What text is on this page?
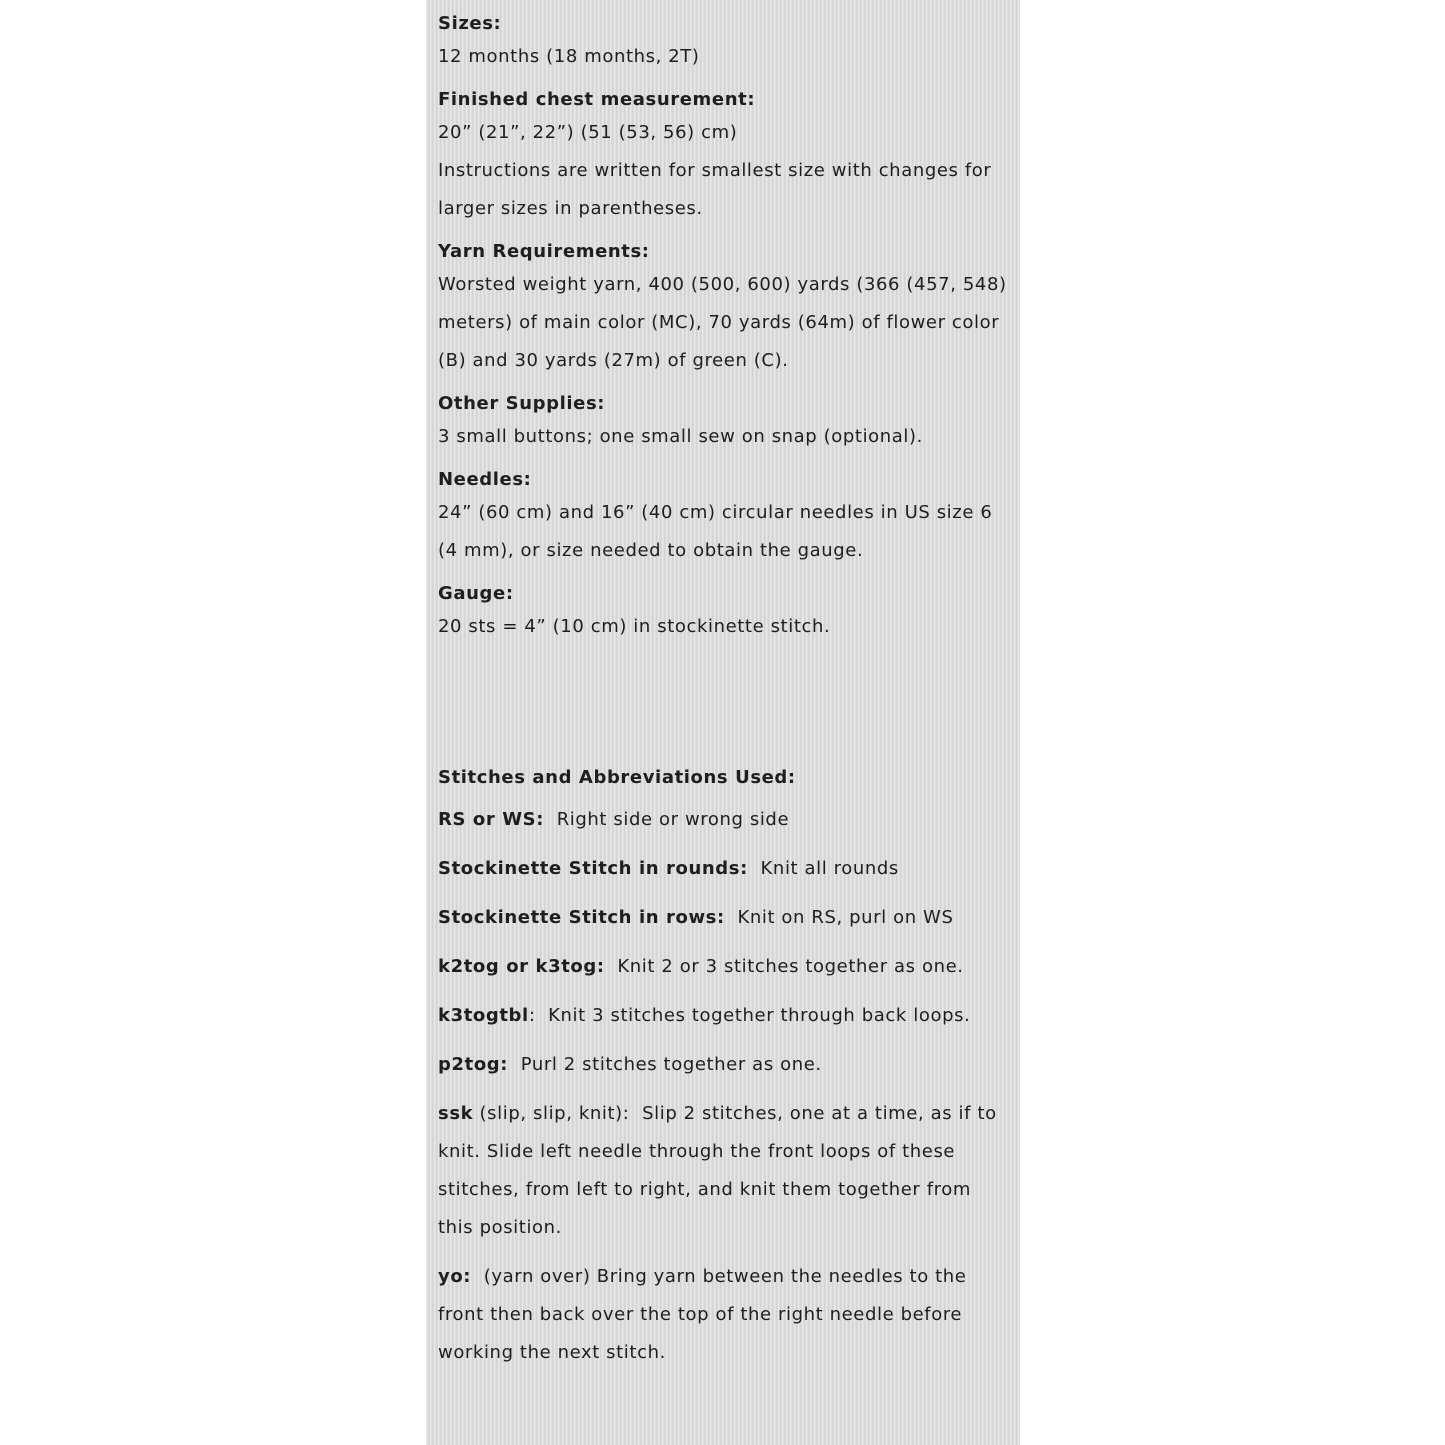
Sizes:
12 months (18 months, 2T)
Finished chest measurement:
20” (21”, 22”) (51 (53, 56) cm)
Instructions are written for smallest size with changes for
larger sizes in parentheses.
Yarn Requirements:
Worsted weight yarn, 400 (500, 600) yards (366 (457, 548)
meters) of main color (MC), 70 yards (64m) of flower color
(B) and 30 yards (27m) of green (C).
Other Supplies:
3 small buttons; one small sew on snap (optional).
Needles:
24” (60 cm) and 16” (40 cm) circular needles in US size 6
(4 mm), or size needed to obtain the gauge.
Gauge:
20 sts = 4” (10 cm) in stockinette stitch.
Stitches and Abbreviations Used:
RS or WS: Right side or wrong side
Stockinette Stitch in rounds: Knit all rounds
Stockinette Stitch in rows: Knit on RS, purl on WS
k2tog or k3tog: Knit 2 or 3 stitches together as one.
k3togtbl: Knit 3 stitches together through back loops.
p2tog: Purl 2 stitches together as one.
ssk (slip, slip, knit): Slip 2 stitches, one at a time, as if to
knit. Slide left needle through the front loops of these
stitches, from left to right, and knit them together from
this position.
yo: (yarn over) Bring yarn between the needles to the
front then back over the top of the right needle before
working the next stitch.
